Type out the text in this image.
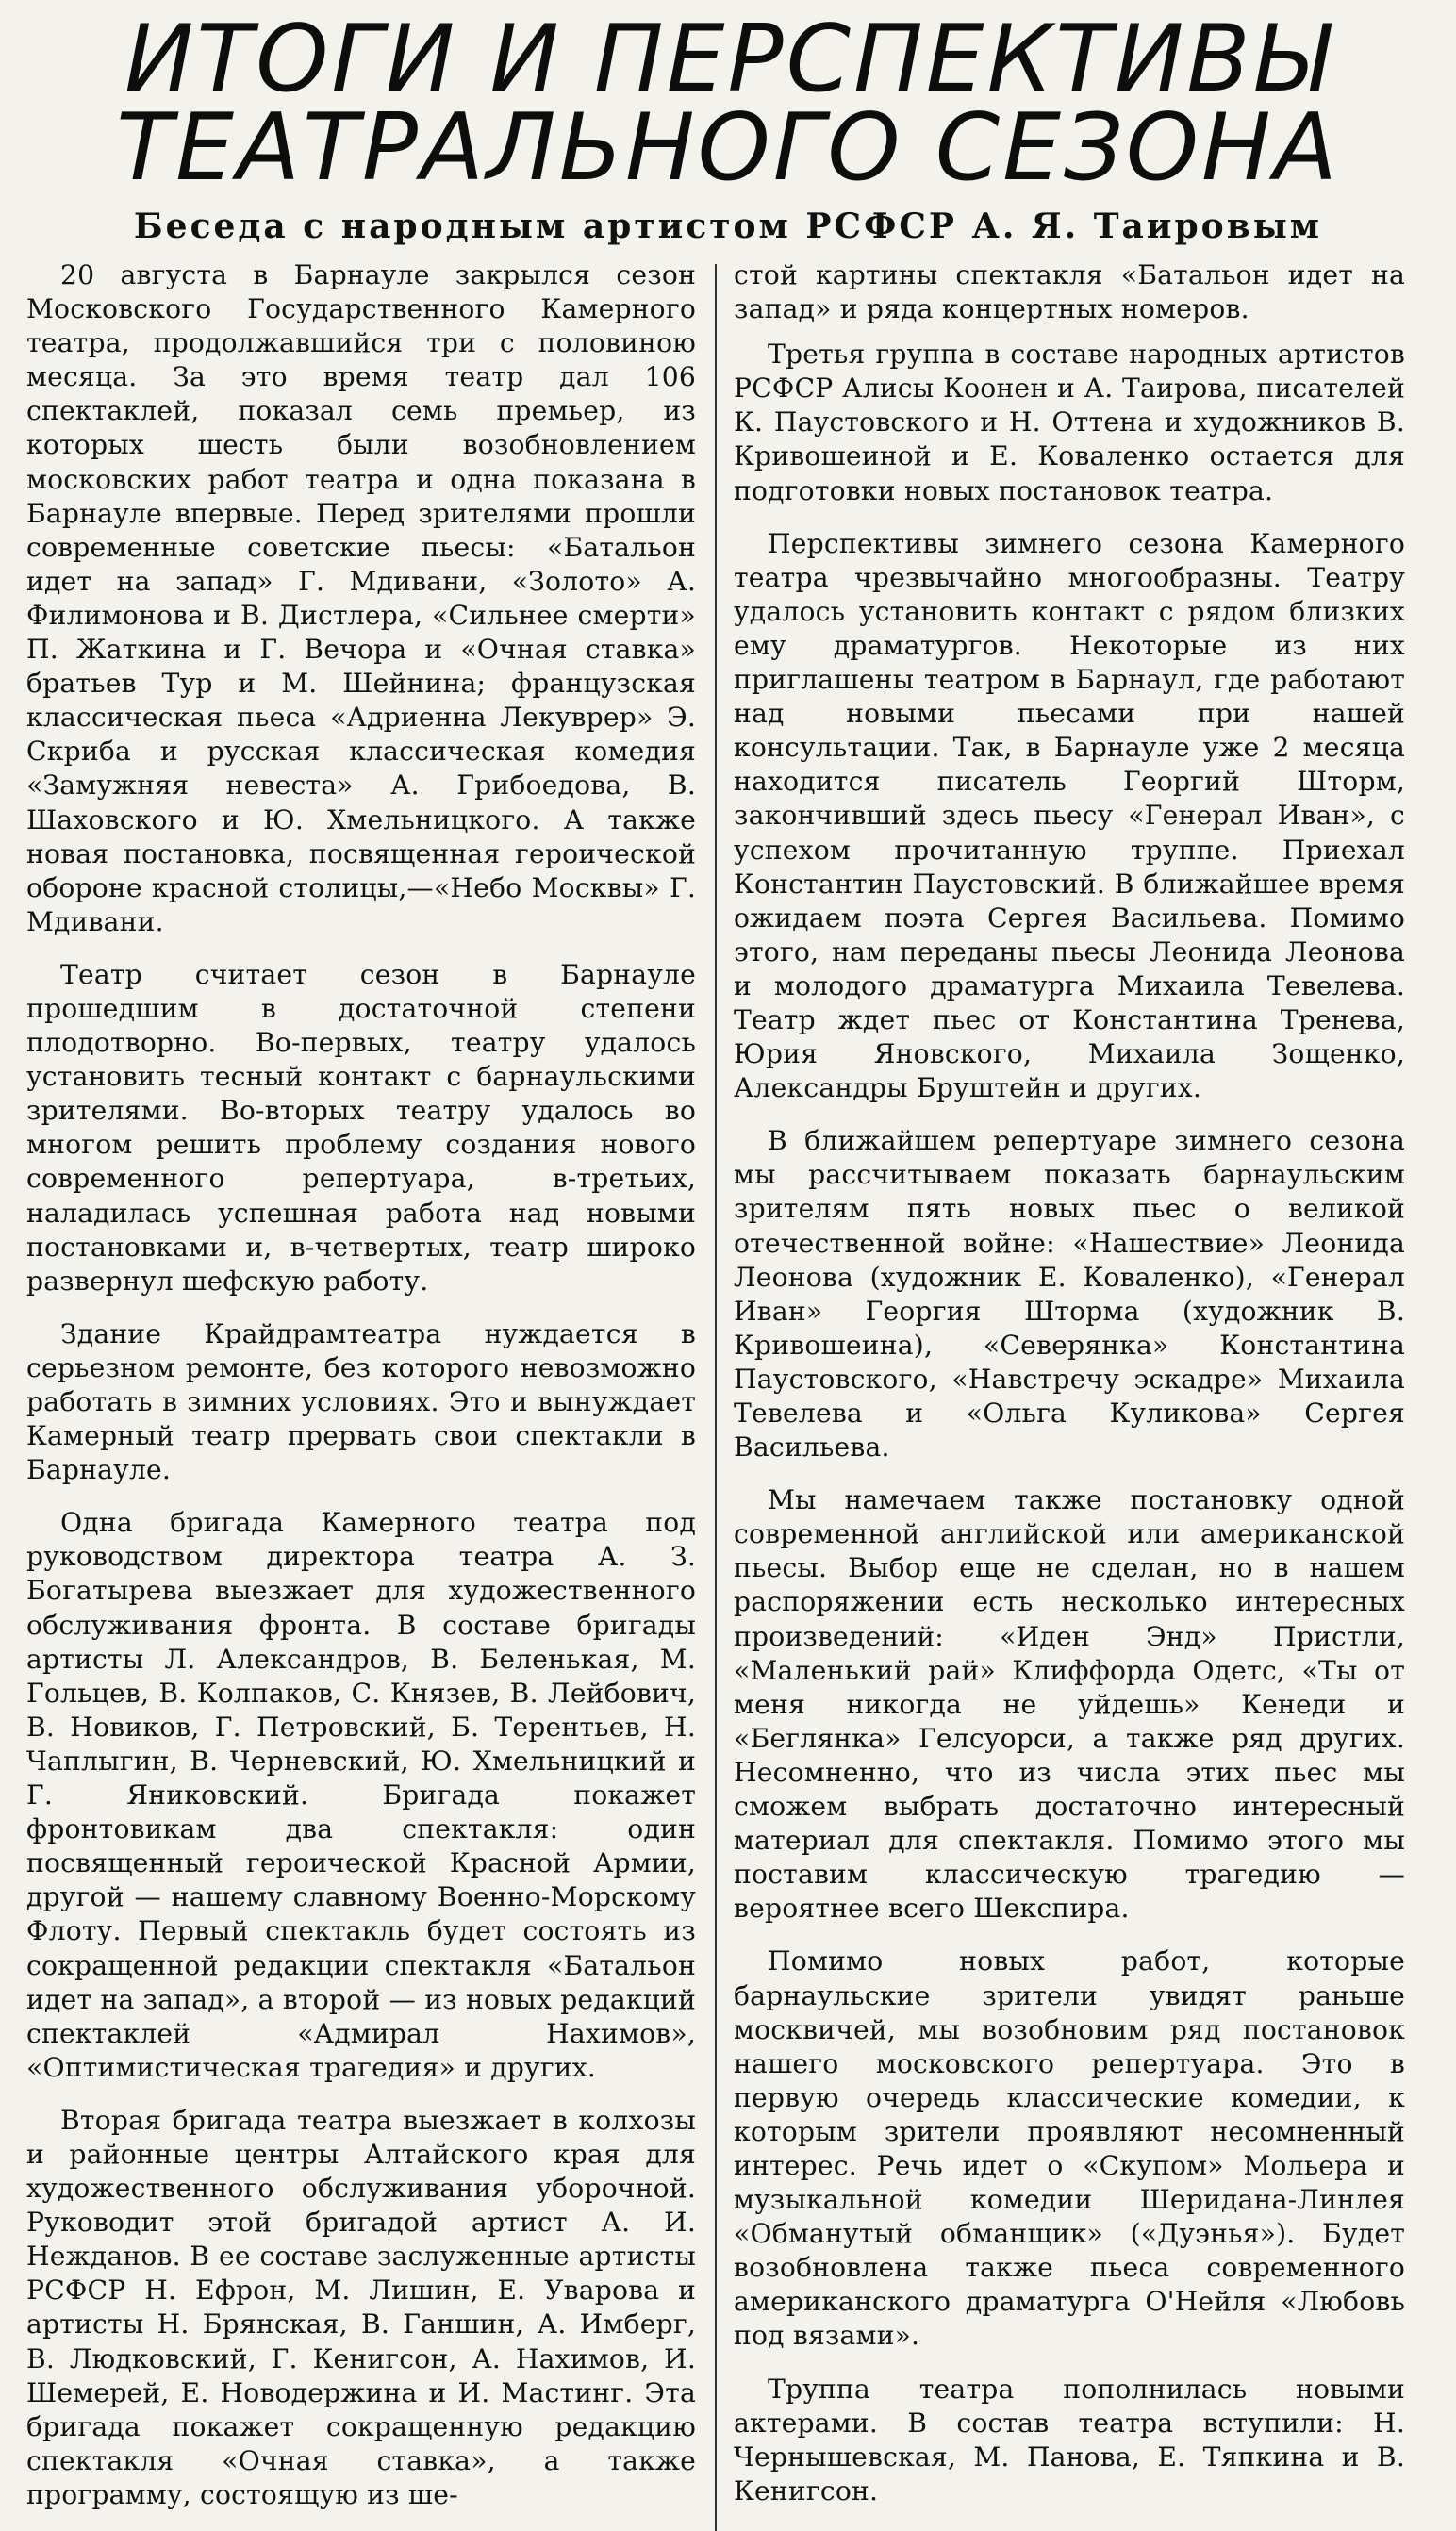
ИТОГИ И ПЕРСПЕКТИВЫ
ТЕАТРАЛЬНОГО СЕЗОНА
Беседа с народным артистом РСФСР А. Я. Таировым

20 августа в Барнауле закрылся сезон Московского Государственного Камерного театра, продолжавшийся три с половиною месяца. За это время театр дал 106 спектаклей, показал семь премьер, из которых шесть были возобновлением московских работ театра и одна показана в Барнауле впервые. Перед зрителями прошли современные советские пьесы: «Батальон идет на запад» Г. Мдивани, «Золото» А. Филимонова и В. Дистлера, «Сильнее смерти» П. Жаткина и Г. Вечора и «Очная ставка» братьев Тур и М. Шейнина; французская классическая пьеса «Адриенна Лекуврер» Э. Скриба и русская классическая комедия «Замужняя невеста» А. Грибоедова, В. Шаховского и Ю. Хмельницкого. А также новая постановка, посвященная героической обороне красной столицы,—«Небо Москвы» Г. Мдивани.

Театр считает сезон в Барнауле прошедшим в достаточной степени плодотворно. Во-первых, театру удалось установить тесный контакт с барнаульскими зрителями. Во-вторых театру удалось во многом решить проблему создания нового современного репертуара, в-третьих, наладилась успешная работа над новыми постановками и, в-четвертых, театр широко развернул шефскую работу.

Здание Крайдрамтеатра нуждается в серьезном ремонте, без которого невозможно работать в зимних условиях. Это и вынуждает Камерный театр прервать свои спектакли в Барнауле.

Одна бригада Камерного театра под руководством директора театра А. З. Богатырева выезжает для художественного обслуживания фронта. В составе бригады артисты Л. Александров, В. Беленькая, М. Гольцев, В. Колпаков, С. Князев, В. Лейбович, В. Новиков, Г. Петровский, Б. Терентьев, Н. Чаплыгин, В. Черневский, Ю. Хмельницкий и Г. Яниковский. Бригада покажет фронтовикам два спектакля: один посвященный героической Красной Армии, другой — нашему славному Военно-Морскому Флоту. Первый спектакль будет состоять из сокращенной редакции спектакля «Батальон идет на запад», а второй — из новых редакций спектаклей «Адмирал Нахимов», «Оптимистическая трагедия» и других.

Вторая бригада театра выезжает в колхозы и районные центры Алтайского края для художественного обслуживания уборочной. Руководит этой бригадой артист А. И. Нежданов. В ее составе заслуженные артисты РСФСР Н. Ефрон, М. Лишин, Е. Уварова и артисты Н. Брянская, В. Ганшин, А. Имберг, В. Людковский, Г. Кенигсон, А. Нахимов, И. Шемерей, Е. Новодержина и И. Мастинг. Эта бригада покажет сокращенную редакцию спектакля «Очная ставка», а также программу, состоящую из ше-

стой картины спектакля «Батальон идет на запад» и ряда концертных номеров.

Третья группа в составе народных артистов РСФСР Алисы Коонен и А. Таирова, писателей К. Паустовского и Н. Оттена и художников В. Кривошеиной и Е. Коваленко остается для подготовки новых постановок театра.

Перспективы зимнего сезона Камерного театра чрезвычайно многообразны. Театру удалось установить контакт с рядом близких ему драматургов. Некоторые из них приглашены театром в Барнаул, где работают над новыми пьесами при нашей консультации. Так, в Барнауле уже 2 месяца находится писатель Георгий Шторм, закончивший здесь пьесу «Генерал Иван», с успехом прочитанную труппе. Приехал Константин Паустовский. В ближайшее время ожидаем поэта Сергея Васильева. Помимо этого, нам переданы пьесы Леонида Леонова и молодого драматурга Михаила Тевелева. Театр ждет пьес от Константина Тренева, Юрия Яновского, Михаила Зощенко, Александры Бруштейн и других.

В ближайшем репертуаре зимнего сезона мы рассчитываем показать барнаульским зрителям пять новых пьес о великой отечественной войне: «Нашествие» Леонида Леонова (художник Е. Коваленко), «Генерал Иван» Георгия Шторма (художник В. Кривошеина), «Северянка» Константина Паустовского, «Навстречу эскадре» Михаила Тевелева и «Ольга Куликова» Сергея Васильева.

Мы намечаем также постановку одной современной английской или американской пьесы. Выбор еще не сделан, но в нашем распоряжении есть несколько интересных произведений: «Иден Энд» Пристли, «Маленький рай» Клиффорда Одетс, «Ты от меня никогда не уйдешь» Кенеди и «Беглянка» Гелсуорси, а также ряд других. Несомненно, что из числа этих пьес мы сможем выбрать достаточно интересный материал для спектакля. Помимо этого мы поставим классическую трагедию — вероятнее всего Шекспира.

Помимо новых работ, которые барнаульские зрители увидят раньше москвичей, мы возобновим ряд постановок нашего московского репертуара. Это в первую очередь классические комедии, к которым зрители проявляют несомненный интерес. Речь идет о «Скупом» Мольера и музыкальной комедии Шеридана-Линлея «Обманутый обманщик» («Дуэнья»). Будет возобновлена также пьеса современного американского драматурга О'Нейля «Любовь под вязами».

Труппа театра пополнилась новыми актерами. В состав театра вступили: Н. Чернышевская, М. Панова, Е. Тяпкина и В. Кенигсон.
